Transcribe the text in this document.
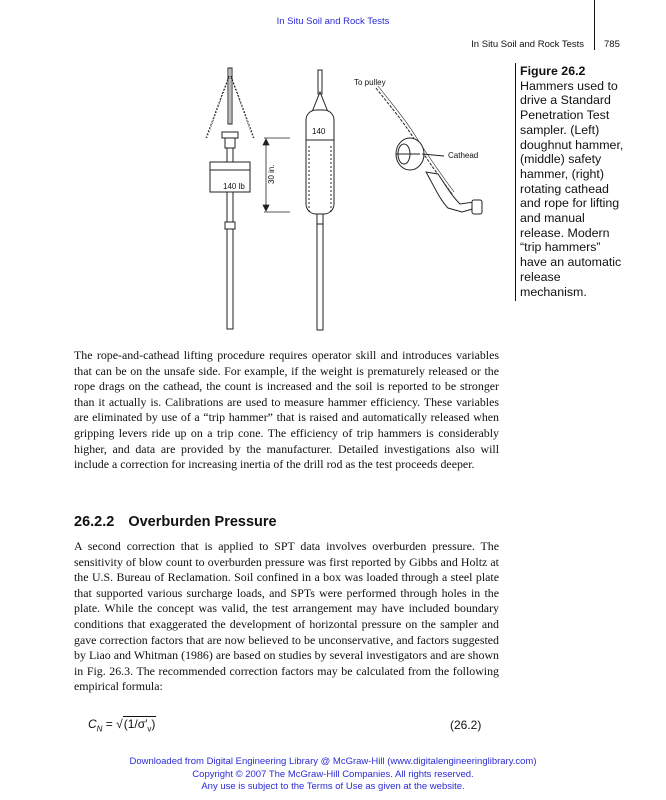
In Situ Soil and Rock Tests
In Situ Soil and Rock Tests 785
140 lb
30 in.
140
To pulley
Cathead
Figure 26.2
Hammers used to drive a Standard Penetration Test sampler. (Left) doughnut hammer, (middle) safety hammer, (right) rotating cathead and rope for lifting and manual release. Modern “trip hammers” have an automatic release mechanism.

The rope-and-cathead lifting procedure requires operator skill and introduces variables that can be on the unsafe side. For example, if the weight is prematurely released or the rope drags on the cathead, the count is increased and the soil is reported to be stronger than it actually is. Calibrations are used to measure hammer efficiency. These variables are eliminated by use of a “trip hammer” that is raised and automatically released when gripping levers ride up on a trip cone. The efficiency of trip hammers is considerably higher, and data are provided by the manufacturer. Detailed investigations also will include a correction for increasing inertia of the drill rod as the test proceeds deeper.

26.2.2 Overburden Pressure

A second correction that is applied to SPT data involves overburden pressure. The sensitivity of blow count to overburden pressure was first reported by Gibbs and Holtz at the U.S. Bureau of Reclamation. Soil confined in a box was loaded through a steel plate that supported various surcharge loads, and SPTs were performed through holes in the plate. While the concept was valid, the test arrangement may have included boundary conditions that exaggerated the development of horizontal pressure on the sampler and gave correction factors that are now believed to be unconservative, and factors suggested by Liao and Whitman (1986) are based on studies by several investigators and are shown in Fig. 26.3. The recommended correction factors may be calculated from the following empirical formula:

$C_N = √(1/\sigma'_v)$	(26.2)
Downloaded from Digital Engineering Library @ McGraw-Hill (www.digitalengineeringlibrary.com)
Copyright © 2007 The McGraw-Hill Companies. All rights reserved.
Any use is subject to the Terms of Use as given at the website.
